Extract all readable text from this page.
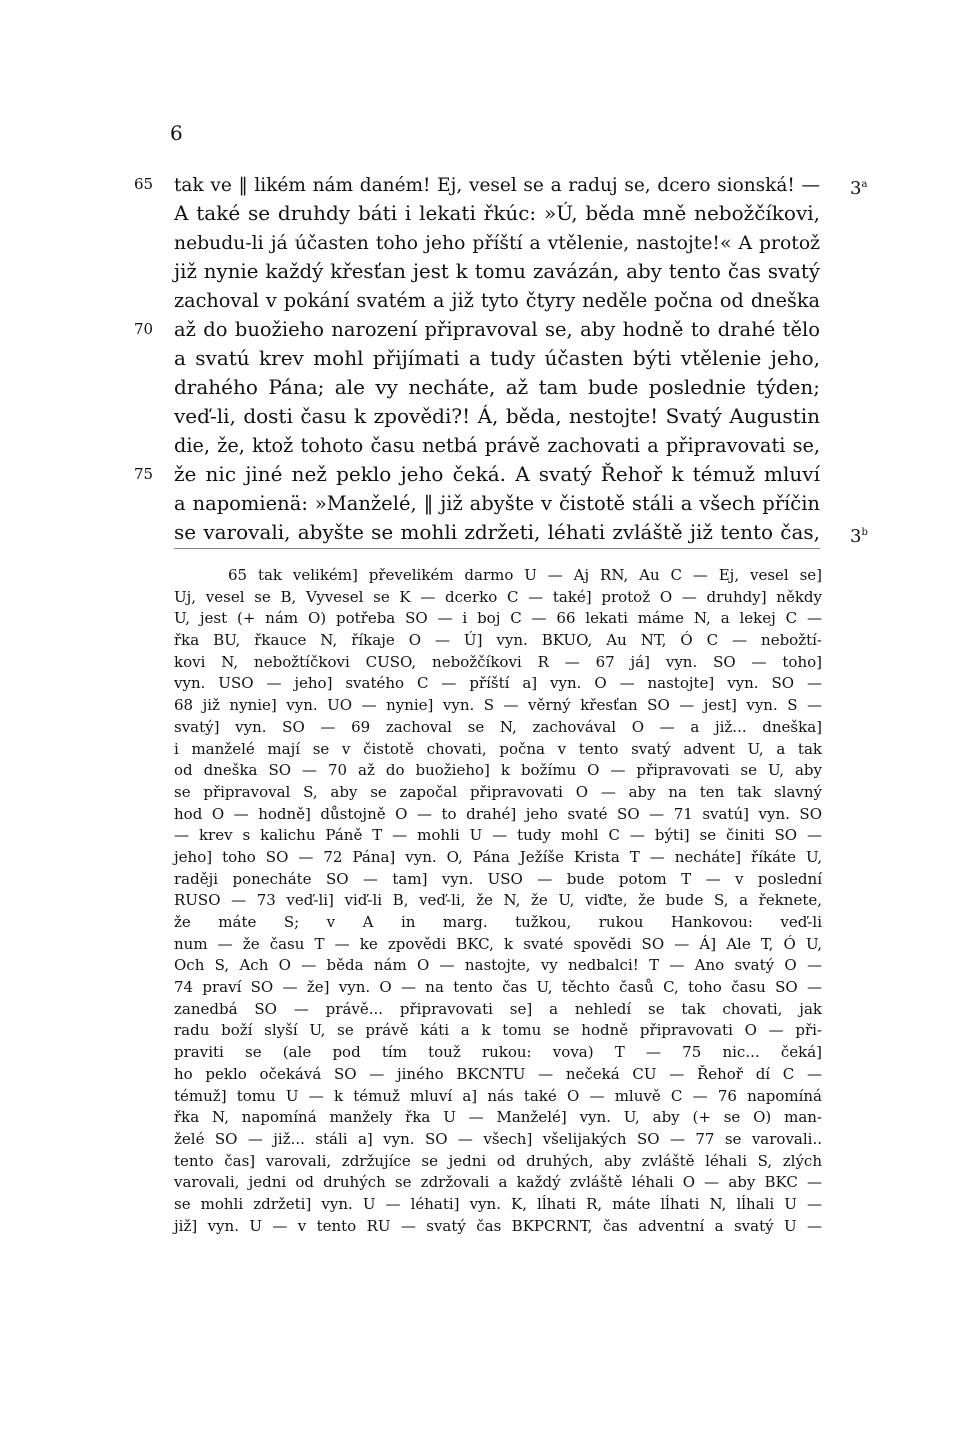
6
65	tak ve ‖ likém nám daném! Ej, vesel se a raduj se, dcero sionská! — 3$^a$
A také se druhdy báti i lekati řkúc: »Ú, běda mně nebožčíkovi,
nebudu-li já účasten toho jeho příští a vtělenie, nastojte!« A protož
již nynie každý křesťan jest k tomu zavázán, aby tento čas svatý
zachoval v pokání svatém a již tyto čtyry neděle počna od dneška
70	až do buožieho narození připravoval se, aby hodně to drahé tělo
a svatú krev mohl přijímati a tudy účasten býti vtělenie jeho,
drahého Pána; ale vy necháte, až tam bude poslednie týden;
veď-li, dosti času k zpovědi?! Á, běda, nestojte! Svatý Augustin
die, že, ktož tohoto času netbá právě zachovati a připravovati se,
75	že nic jiné než peklo jeho čeká. A svatý Řehoř k témuž mluví
a napomienä: »Manželé, ‖ již abyšte v čistotě stáli a všech příčin
se varovali, abyšte se mohli zdržeti, léhati zvláště již tento čas, 3$^b$
65 tak velikém] převelikém darmo U — Aj RN, Au C — Ej, vesel se]
Uj, vesel se B, Vyvesel se K — dcerko C — také] protož O — druhdy] někdy
U, jest (+ nám O) potřeba SO — i boj C — 66 lekati máme N, a lekej C —
řka BU, řkauce N, říkaje O — Ú] vyn. BKUO, Au NT, Ó C — nebožtí-
kovi N, nebožtíčkovi CUSO, nebožčíkovi R — 67 já] vyn. SO — toho]
vyn. USO — jeho] svatého C — příští a] vyn. O — nastojte] vyn. SO —
68 již nynie] vyn. UO — nynie] vyn. S — věrný křesťan SO — jest] vyn. S —
svatý] vyn. SO — 69 zachoval se N, zachovával O — a již... dneška]
i manželé mají se v čistotě chovati, počna v tento svatý advent U, a tak
od dneška SO — 70 až do buožieho] k božímu O — připravovati se U, aby
se připravoval S, aby se započal připravovati O — aby na ten tak slavný
hod O — hodně] důstojně O — to drahé] jeho svaté SO — 71 svatú] vyn. SO
— krev s kalichu Páně T — mohli U — tudy mohl C — býti] se činiti SO —
jeho] toho SO — 72 Pána] vyn. O, Pána Ježíše Krista T — necháte] říkáte U,
raději ponecháte SO — tam] vyn. USO — bude potom T — v poslední
RUSO — 73 veď-li] viď-li B, veď-li, že N, že U, viďte, že bude S, a řeknete,
že máte S; v A in marg. tužkou, rukou Hankovou: veď-li
num — že času T — ke zpovědi BKC, k svaté spovědi SO — Á] Ale T, Ó U,
Och S, Ach O — běda nám O — nastojte, vy nedbalci! T — Ano svatý O —
74 praví SO — že] vyn. O — na tento čas U, těchto časů C, toho času SO —
zanedbá SO — právě... připravovati se] a nehledí se tak chovati, jak
radu boží slyší U, se právě káti a k tomu se hodně připravovati O — při-
praviti se (ale pod tím touž rukou: vova) T — 75 nic... čeká]
ho peklo očekává SO — jiného BKCNTU — nečeká CU — Řehoř dí C —
témuž] tomu U — k témuž mluví a] nás také O — mluvě C — 76 napomíná
řka N, napomíná manžely řka U — Manželé] vyn. U, aby (+ se O) man-
želé SO — již... stáli a] vyn. SO — všech] všelijakých SO — 77 se varovali..
tento čas] varovali, zdržujíce se jedni od druhých, aby zvláště léhali S, zlých
varovali, jedni od druhých se zdržovali a každý zvláště léhali O — aby BKC —
se mohli zdržeti] vyn. U — léhati] vyn. K, lĺhati R, máte lĺhati N, lĺhali U —
již] vyn. U — v tento RU — svatý čas BKPCRNT, čas adventní a svatý U —
